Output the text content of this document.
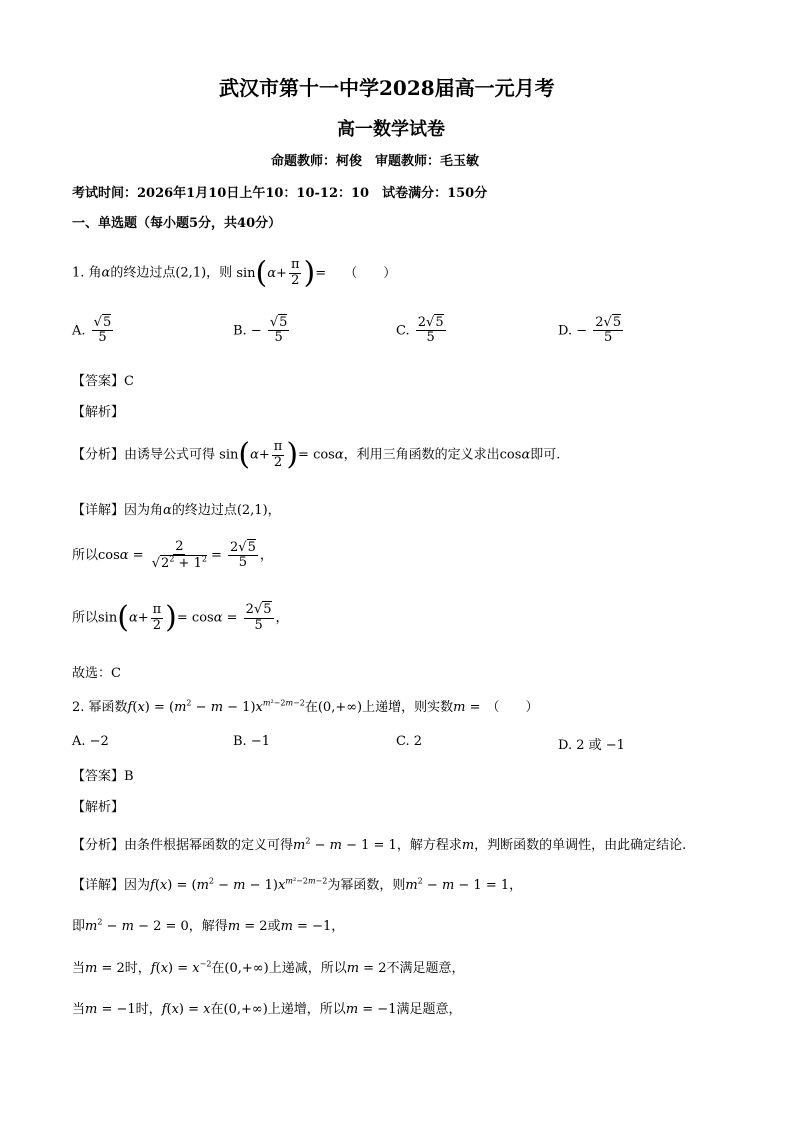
武汉市第十一中学2028届高一元月考
高一数学试卷
命题教师：柯俊　审题教师：毛玉敏
考试时间：2026年1月10日上午10：10-12：10　试卷满分：150分
一、单选题（每小题5分，共40分）
1. 角α的终边过点(2,1)，则 $\sin(\alpha+ \frac{\pi}{2}$ )= （　　）
A. √ $\frac{5}{5}$	B. − √ $\frac{5}{5}$	C. $\frac{2 √ 5}{5}$	D. − $\frac{2 √ 5}{5}$
【答案】C
【解析】
【分析】由诱导公式可得 $\sin(\alpha+ \frac{\pi}{2}$ )= cosα，利用三角函数的定义求出cosα即可.
【详解】因为角α的终边过点(2,1)，
所以cosα = 2
√ $2^2 + 1^2 = \frac{2 √ 5}{5}$ ，
所以$\sin(\alpha+ \frac{\pi}{2}$ )= $\cos\alpha = \frac{2 √ 5}{5}$ ，
故选：C
2. 幂函数$f(x) = (m^2 - m - 1)x^{m^2-2m-2}$在(0,+∞)上递增，则实数m = （　　）
A. −2	B. −1	C. 2	D. 2 或 −1
【答案】B
【解析】
【分析】由条件根据幂函数的定义可得$m^2 - m - 1 = 1$，解方程求m，判断函数的单调性，由此确定结论.
【详解】因为$f(x) = (m^2 - m - 1)x^{m^2-2m-2}$为幂函数，则$m^2 - m - 1 = 1$，
即$m^2 - m - 2 = 0$，解得m = 2或m = −1，
当m = 2时，$f(x) = x^{-2}$在(0,+∞)上递减，所以m = 2不满足题意，
当m = −1时，f(x) = x在(0,+∞)上递增，所以m = −1满足题意，
